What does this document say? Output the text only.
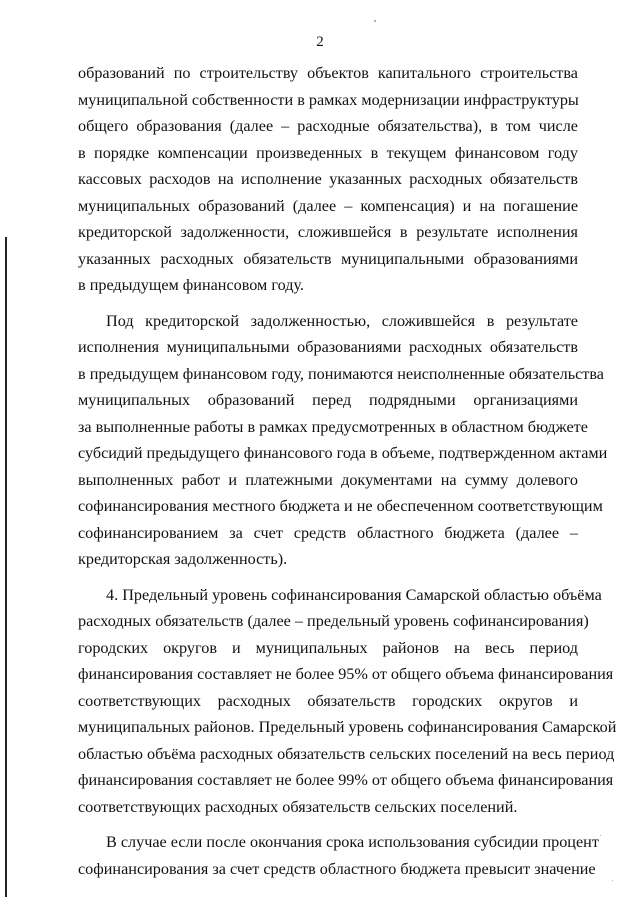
2
образований по строительству объектов капитального строительства
муниципальной собственности в рамках модернизации инфраструктуры
общего образования (далее – расходные обязательства), в том числе
в порядке компенсации произведенных в текущем финансовом году
кассовых расходов на исполнение указанных расходных обязательств
муниципальных образований (далее – компенсация) и на погашение
кредиторской задолженности, сложившейся в результате исполнения
указанных расходных обязательств муниципальными образованиями
в предыдущем финансовом году.
Под кредиторской задолженностью, сложившейся в результате
исполнения муниципальными образованиями расходных обязательств
в предыдущем финансовом году, понимаются неисполненные обязательства
муниципальных образований перед подрядными организациями
за выполненные работы в рамках предусмотренных в областном бюджете
субсидий предыдущего финансового года в объеме, подтвержденном актами
выполненных работ и платежными документами на сумму долевого
софинансирования местного бюджета и не обеспеченном соответствующим
софинансированием за счет средств областного бюджета (далее –
кредиторская задолженность).
4. Предельный уровень софинансирования Самарской областью объёма
расходных обязательств (далее – предельный уровень софинансирования)
городских округов и муниципальных районов на весь период
финансирования составляет не более 95% от общего объема финансирования
соответствующих расходных обязательств городских округов и
муниципальных районов. Предельный уровень софинансирования Самарской
областью объёма расходных обязательств сельских поселений на весь период
финансирования составляет не более 99% от общего объема финансирования
соответствующих расходных обязательств сельских поселений.
В случае если после окончания срока использования субсидии процент
софинансирования за счет средств областного бюджета превысит значение
